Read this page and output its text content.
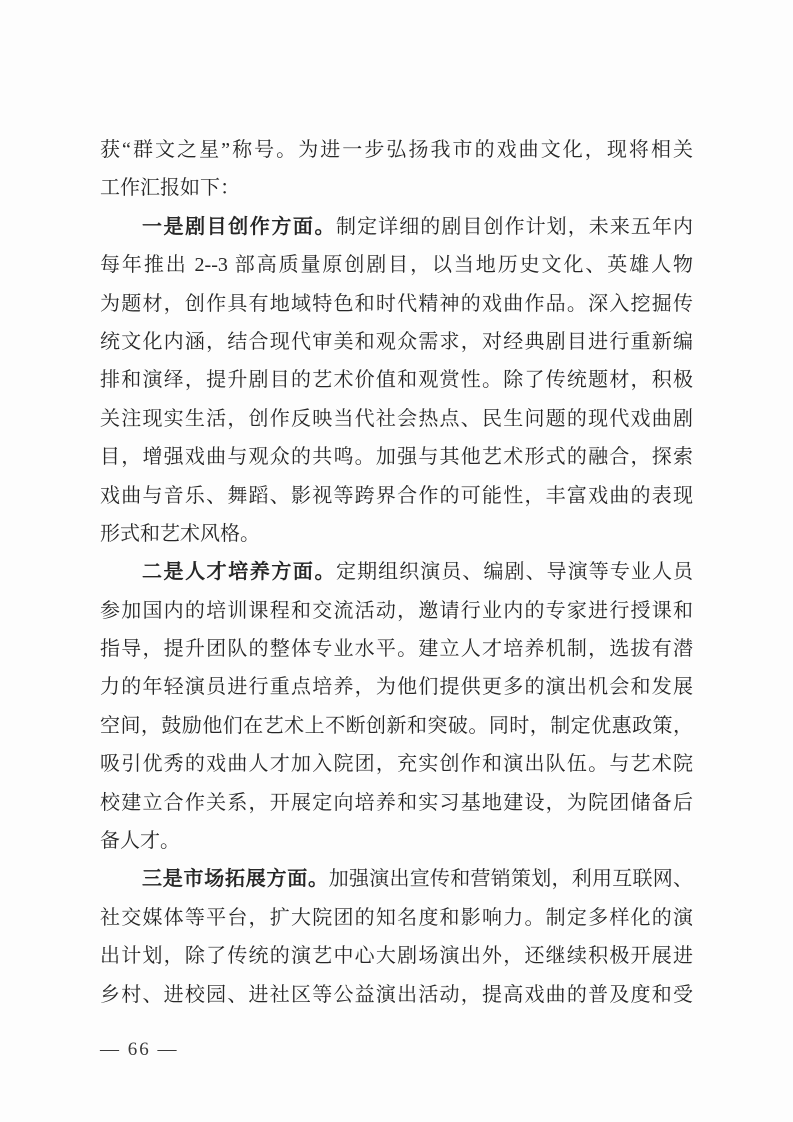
获“群文之星”称号。为进一步弘扬我市的戏曲文化，现将相关
工作汇报如下：
一是剧目创作方面。制定详细的剧目创作计划，未来五年内
每年推出 2--3 部高质量原创剧目，以当地历史文化、英雄人物
为题材，创作具有地域特色和时代精神的戏曲作品。深入挖掘传
统文化内涵，结合现代审美和观众需求，对经典剧目进行重新编
排和演绎，提升剧目的艺术价值和观赏性。除了传统题材，积极
关注现实生活，创作反映当代社会热点、民生问题的现代戏曲剧
目，增强戏曲与观众的共鸣。加强与其他艺术形式的融合，探索
戏曲与音乐、舞蹈、影视等跨界合作的可能性，丰富戏曲的表现
形式和艺术风格。
二是人才培养方面。定期组织演员、编剧、导演等专业人员
参加国内的培训课程和交流活动，邀请行业内的专家进行授课和
指导，提升团队的整体专业水平。建立人才培养机制，选拔有潜
力的年轻演员进行重点培养，为他们提供更多的演出机会和发展
空间，鼓励他们在艺术上不断创新和突破。同时，制定优惠政策，
吸引优秀的戏曲人才加入院团，充实创作和演出队伍。与艺术院
校建立合作关系，开展定向培养和实习基地建设，为院团储备后
备人才。
三是市场拓展方面。加强演出宣传和营销策划，利用互联网、
社交媒体等平台，扩大院团的知名度和影响力。制定多样化的演
出计划，除了传统的演艺中心大剧场演出外，还继续积极开展进
乡村、进校园、进社区等公益演出活动，提高戏曲的普及度和受
— 66 —
